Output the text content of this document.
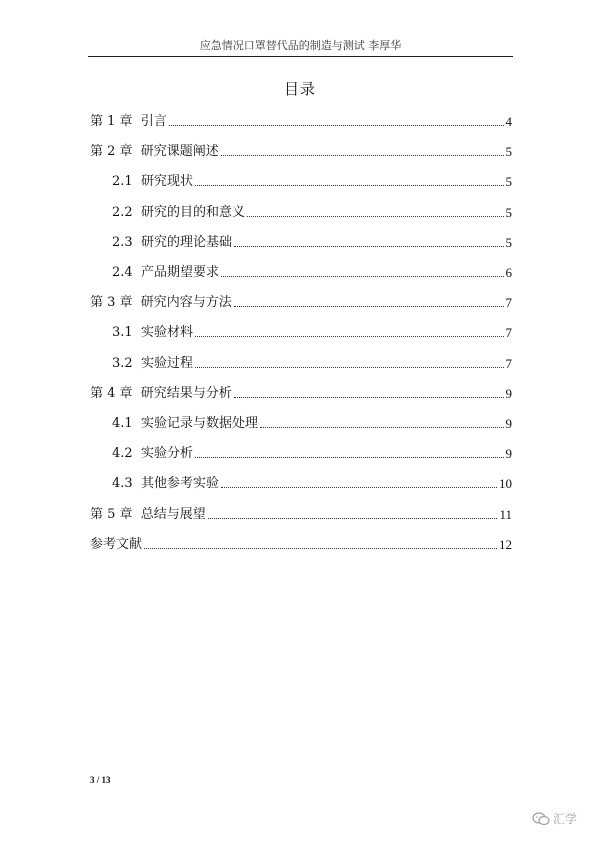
应急情况口罩替代品的制造与测试 李厚华
目录
第 1 章  引言	4
第 2 章  研究课题阐述	5
2.1  研究现状	5
2.2  研究的目的和意义	5
2.3  研究的理论基础	5
2.4  产品期望要求	6
第 3 章  研究内容与方法	7
3.1  实验材料	7
3.2  实验过程	7
第 4 章  研究结果与分析	9
4.1  实验记录与数据处理	9
4.2  实验分析	9
4.3  其他参考实验	10
第 5 章  总结与展望	11
参考文献	12
3 / 13
汇学
